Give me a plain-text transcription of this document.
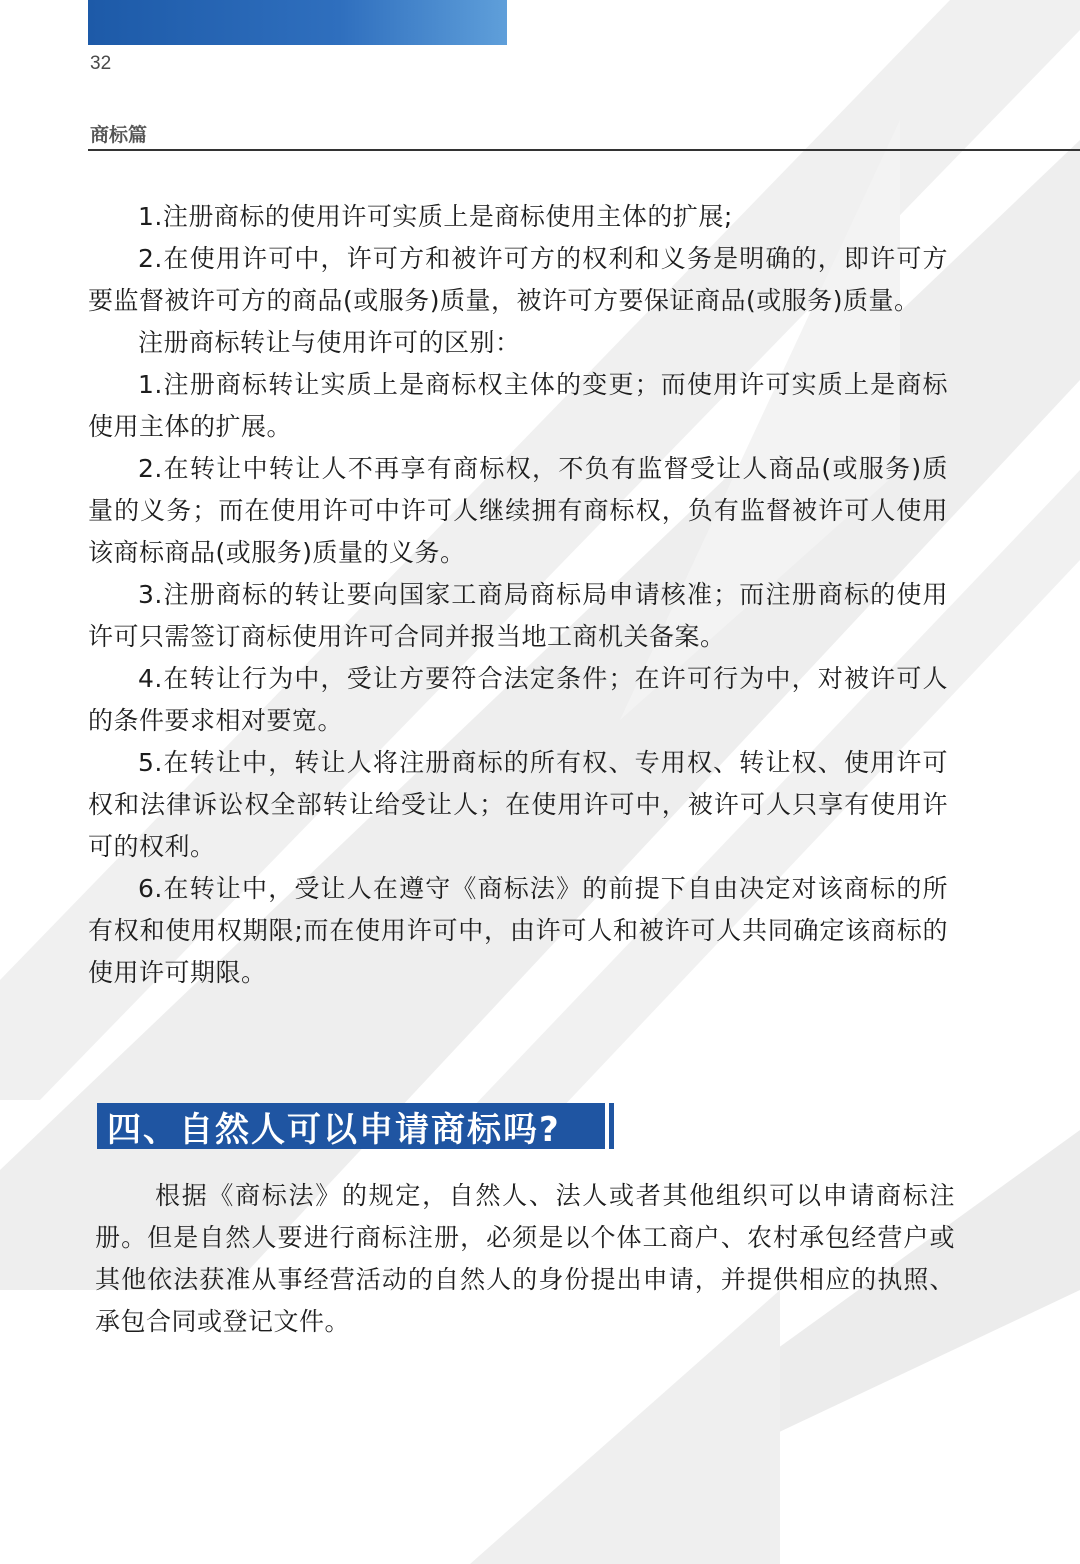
32
商标篇

1.注册商标的使用许可实质上是商标使用主体的扩展;

2.在使用许可中，许可方和被许可方的权利和义务是明确的，即许可方要监督被许可方的商品(或服务)质量，被许可方要保证商品(或服务)质量。

注册商标转让与使用许可的区别：

1.注册商标转让实质上是商标权主体的变更；而使用许可实质上是商标使用主体的扩展。

2.在转让中转让人不再享有商标权，不负有监督受让人商品(或服务)质量的义务；而在使用许可中许可人继续拥有商标权，负有监督被许可人使用该商标商品(或服务)质量的义务。

3.注册商标的转让要向国家工商局商标局申请核准；而注册商标的使用许可只需签订商标使用许可合同并报当地工商机关备案。

4.在转让行为中，受让方要符合法定条件；在许可行为中，对被许可人的条件要求相对要宽。

5.在转让中，转让人将注册商标的所有权、专用权、转让权、使用许可权和法律诉讼权全部转让给受让人；在使用许可中，被许可人只享有使用许可的权利。

6.在转让中，受让人在遵守《商标法》的前提下自由决定对该商标的所有权和使用权期限;而在使用许可中，由许可人和被许可人共同确定该商标的使用许可期限。

四、自然人可以申请商标吗?

根据《商标法》的规定，自然人、法人或者其他组织可以申请商标注册。但是自然人要进行商标注册，必须是以个体工商户、农村承包经营户或其他依法获准从事经营活动的自然人的身份提出申请，并提供相应的执照、承包合同或登记文件。
